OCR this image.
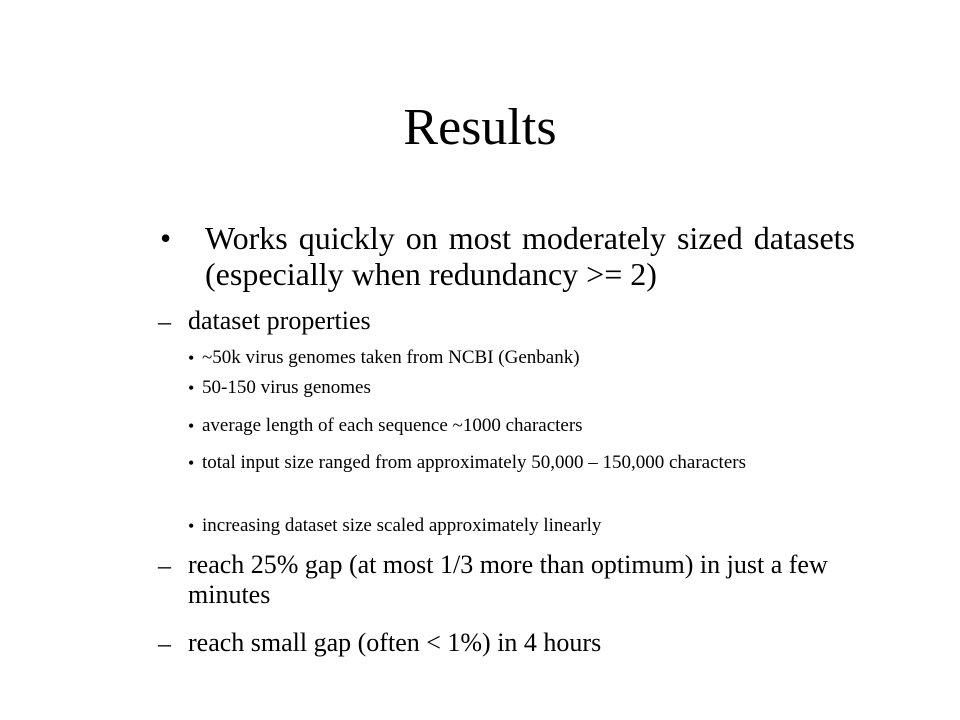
Results
• Works quickly on most moderately sized datasets (especially when redundancy >= 2)
– dataset properties
• ~50k virus genomes taken from NCBI (Genbank)
• 50-150 virus genomes
• average length of each sequence ~1000 characters
• total input size ranged from approximately 50,000 – 150,000 characters
• increasing dataset size scaled approximately linearly
– reach 25% gap (at most 1/3 more than optimum) in just a few minutes
– reach small gap (often < 1%) in 4 hours
